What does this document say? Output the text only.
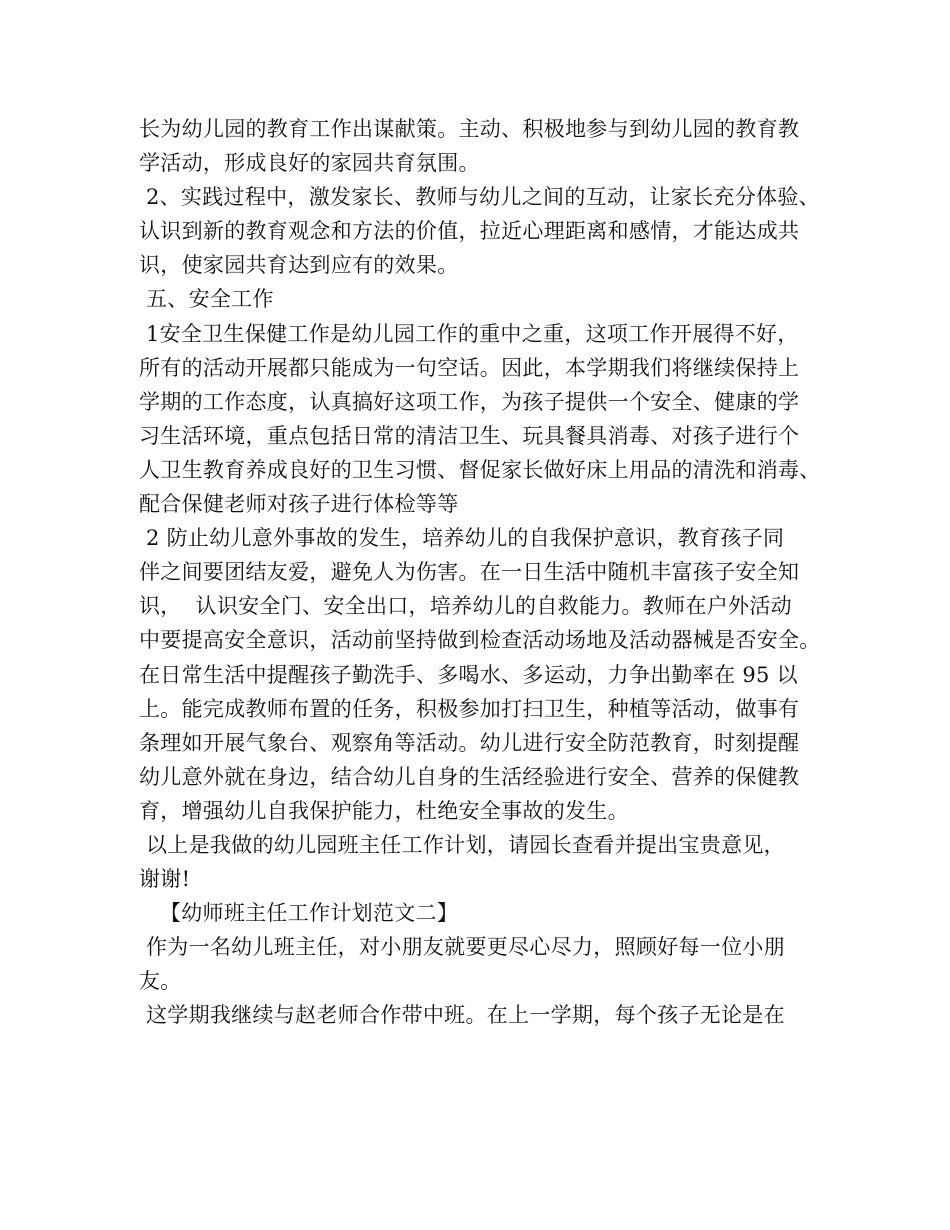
长为幼儿园的教育工作出谋献策。主动、积极地参与到幼儿园的教育教
学活动，形成良好的家园共育氛围。
2、实践过程中，激发家长、教师与幼儿之间的互动，让家长充分体验、
认识到新的教育观念和方法的价值，拉近心理距离和感情，才能达成共
识，使家园共育达到应有的效果。
五、安全工作
1安全卫生保健工作是幼儿园工作的重中之重，这项工作开展得不好，
所有的活动开展都只能成为一句空话。因此，本学期我们将继续保持上
学期的工作态度，认真搞好这项工作，为孩子提供一个安全、健康的学
习生活环境，重点包括日常的清洁卫生、玩具餐具消毒、对孩子进行个
人卫生教育养成良好的卫生习惯、督促家长做好床上用品的清洗和消毒、
配合保健老师对孩子进行体检等等
2 防止幼儿意外事故的发生，培养幼儿的自我保护意识，教育孩子同
伴之间要团结友爱，避免人为伤害。在一日生活中随机丰富孩子安全知
识，  认识安全门、安全出口，培养幼儿的自救能力。教师在户外活动
中要提高安全意识，活动前坚持做到检查活动场地及活动器械是否安全。
在日常生活中提醒孩子勤洗手、多喝水、多运动，力争出勤率在 95 以
上。能完成教师布置的任务，积极参加打扫卫生，种植等活动，做事有
条理如开展气象台、观察角等活动。幼儿进行安全防范教育，时刻提醒
幼儿意外就在身边，结合幼儿自身的生活经验进行安全、营养的保健教
育，增强幼儿自我保护能力，杜绝安全事故的发生。
以上是我做的幼儿园班主任工作计划，请园长查看并提出宝贵意见，
谢谢!
【幼师班主任工作计划范文二】
作为一名幼儿班主任，对小朋友就要更尽心尽力，照顾好每一位小朋
友。
这学期我继续与赵老师合作带中班。在上一学期，每个孩子无论是在
